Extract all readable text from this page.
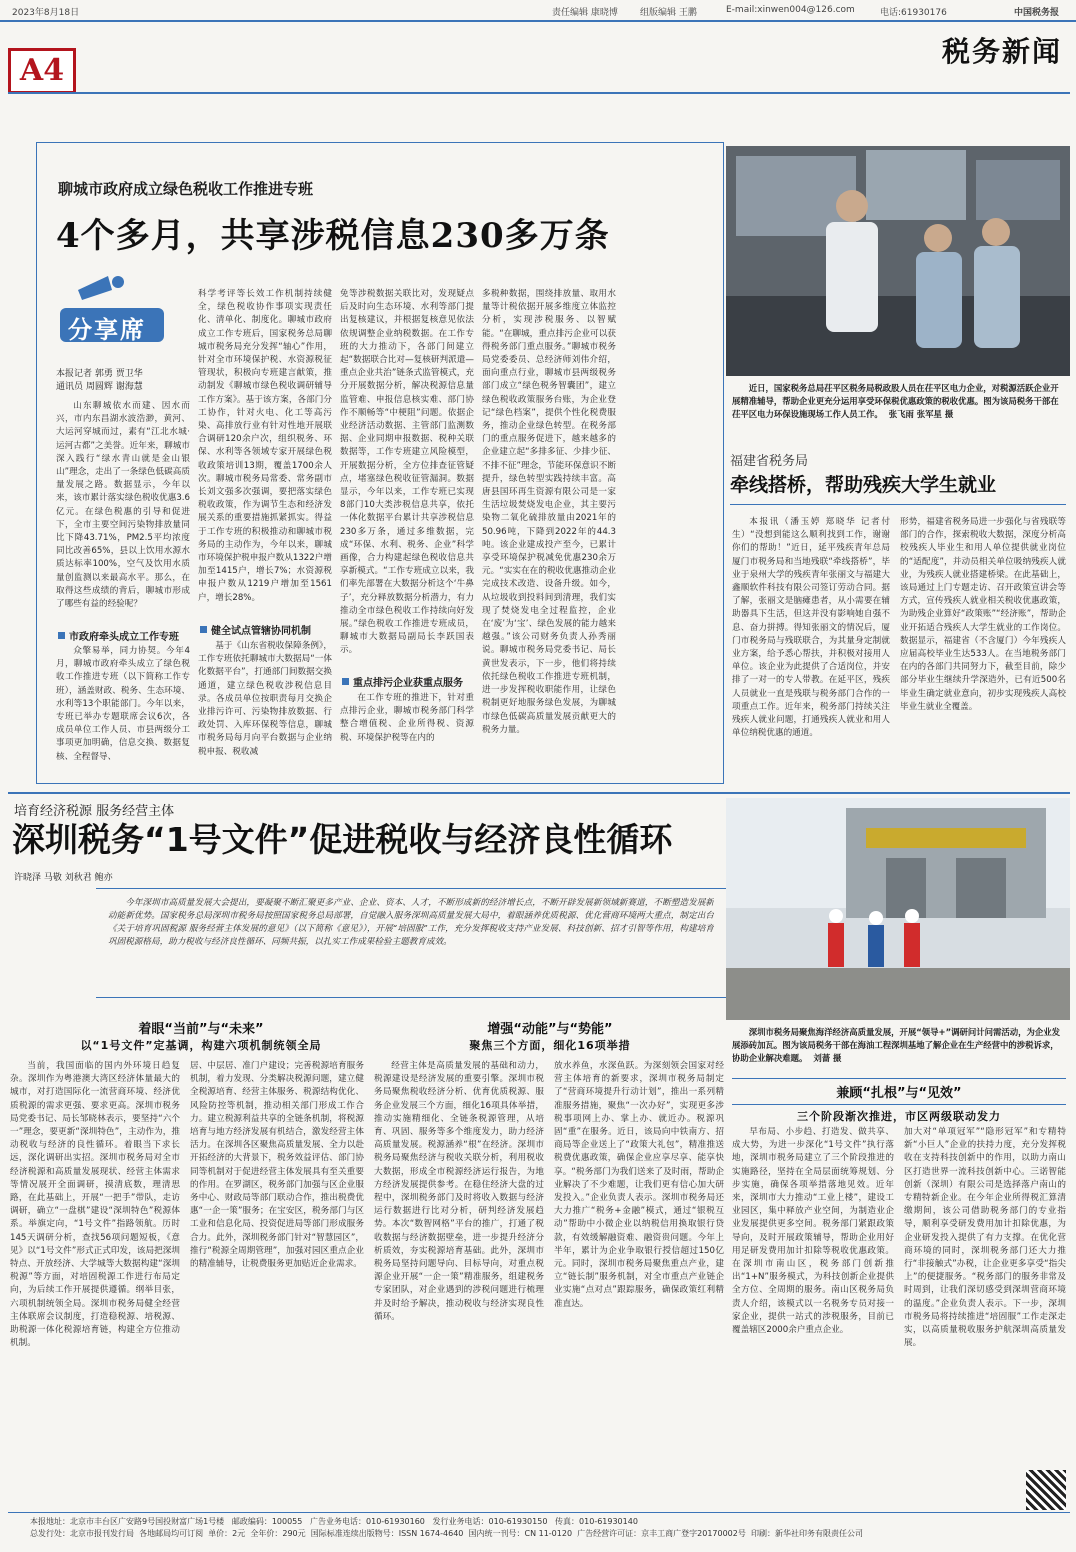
2023年8月18日	责任编辑 康晓博 组版编辑 王鹏	E-mail:xinwen004@126.com	电话:61930176	中国税务报
A4
税务新闻
聊城市政府成立绿色税收工作推进专班
4个多月，共享涉税信息230多万条
分享席
本报记者 郭勇 贾卫华
通讯员 周圆辉 谢海慧
山东聊城依水而建、因水而兴，市内东昌湖水波浩渺，黄河、大运河穿城而过，素有“江北水城·运河古都”之美誉。近年来，聊城市深入践行“绿水青山就是金山银山”理念，走出了一条绿色低碳高质量发展之路。数据显示，今年以来，该市累计落实绿色税收优惠3.6亿元。在绿色税惠的引导和促进下，全市主要空间污染物排放量同比下降43.71%，PM2.5平均浓度同比改善65%，县以上饮用水源水质达标率100%，空气及饮用水质量创监测以来最高水平。那么，在取得这些成绩的背后，聊城市形成了哪些有益的经验呢？
市政府牵头成立工作专班
众擎易举，同力协契。今年4月，聊城市政府牵头成立了绿色税收工作推进专班（以下简称工作专班），涵盖财政、税务、生态环境、水利等13个职能部门。今年以来，专班已举办专题联席会议6次，各成员单位工作人员、市县两级分工事项更加明确，信息交换、数据复核、全程督导、
科学考评等长效工作机制持续健全，绿色税收协作事项实现责任化、清单化、制度化。聊城市政府成立工作专班后，国家税务总局聊城市税务局充分发挥“轴心”作用，针对全市环境保护税、水资源税征管现状，积极向专班建言献策，推动制发《聊城市绿色税收调研辅导工作方案》。基于该方案，各部门分工协作，针对火电、化工等高污染、高排放行业有针对性地开展联合调研120余户次，组织税务、环保、水利等各领域专家开展绿色税收政策培训13期，覆盖1700余人次。聊城市税务局常委、常务副市长刘文强多次强调，要把落实绿色税收政策，作为调节生态和经济发展关系的重要措施抓紧抓实。得益于工作专班的积极推动和聊城市税务局的主动作为，今年以来，聊城市环境保护税申报户数从1322户增加至1415户，增长7%；水资源税申报户数从1219户增加至1561户，增长28%。
健全试点管辖协同机制
基于《山东省税收保障条例》，工作专班依托聊城市大数据局“一体化数据平台”，打通部门间数据交换通道，建立绿色税收涉税信息目录。各成员单位按职责每月交换企业排污许可、污染物排放数据、行政处罚、入库环保税等信息，聊城市税务局每月向平台数据与企业纳税申报、税收减
免等涉税数据关联比对，发现疑点后及时向生态环境、水利等部门提出复核建议，并根据复核意见依法依规调整企业纳税数据。在工作专班的大力推动下，各部门间建立起“数据联合比对—复核研判派遣—重点企业共治”链条式监管模式，充分开展数据分析，解决税源信息量监管难、申报信息核实难、部门协作不顺畅等“中梗阻”问题。依据企业经济活动数据、主管部门监测数据、企业同期申报数据、税种关联数据等，工作专班建立风险模型，开展数据分析，全方位排查征管疑点，堵塞绿色税收征管漏洞。数据显示，今年以来，工作专班已实现8部门10大类涉税信息共享，依托一体化数据平台累计共享涉税信息230多万条，通过多维数据，完成“环保、水利、税务、企业”科学画像，合力构建起绿色税收信息共享新模式。“工作专班成立以来，我们率先部署在大数据分析这个‘牛鼻子’，充分释放数据分析潜力，有力推动全市绿色税收工作持续向好发展。”绿色税收工作推进专班成员，聊城市大数据局副局长李跃国表示。
重点排污企业获重点服务
在工作专班的推进下，针对重点排污企业，聊城市税务部门科学整合增值税、企业所得税、资源税、环境保护税等在内的
多税种数据，围绕排放量、取用水量等计税依据开展多维度立体监控分析，实现涉税服务、以智赋能。“在聊城，重点排污企业可以获得税务部门重点服务。”聊城市税务局党委委员、总经济师刘伟介绍，面向重点行业，聊城市县两级税务部门成立“绿色税务智囊团”，建立绿色税收政策服务台账，为企业登记“绿色档案”，提供个性化税费服务，推动企业绿色转型。在税务部门的重点服务促进下，越来越多的企业建立起“多排多征、少排少征、不排不征”理念，节能环保意识不断提升，绿色转型实践持续丰富。高唐县国环再生资源有限公司是一家生活垃圾焚烧发电企业，其主要污染物二氧化硫排放量由2021年的50.96吨，下降到2022年的44.3吨。该企业建成投产至今，已累计享受环境保护税减免优惠230余万元。“实实在在的税收优惠推动企业完成技术改造、设备升级。如今，从垃圾收到投料间到清理，我们实现了焚烧发电全过程监控，企业在‘废’为‘宝’、绿色发展的能力越来越强。”该公司财务负责人孙秀丽说。聊城市税务局党委书记、局长黄世发表示，下一步，他们将持续依托绿色税收工作推进专班机制，进一步发挥税收职能作用，让绿色税制更好地服务绿色发展，为聊城市绿色低碳高质量发展贡献更大的税务力量。
近日，国家税务总局茌平区税务局税政股人员在茌平区电力企业，对税源活跃企业开展精准辅导，帮助企业更充分运用享受环保税优惠政策的税收优惠。图为该局税务干部在茌平区电力环保设施现场工作人员工作。 张飞雨 张军星 摄
福建省税务局
牵线搭桥，帮助残疾大学生就业
本报讯（潘玉婷 郑晓华 记者付生）“没想到能这么顺利找到工作，谢谢你们的帮助！”近日，延平残疾青年总局厦门市税务局和当地残联“牵线搭桥”，毕业于泉州大学的残疾青年张丽文与福建大鑫顺软件科技有限公司签订劳动合同。据了解，张丽文是脑瘫患者，从小需要在辅助器具下生活，但这并没有影响她自强不息、奋力拼搏。得知张丽文的情况后，厦门市税务局与残联联合，为其量身定制就业方案，给予悉心帮扶，并积极对接用人单位。该企业为此提供了合适岗位，并安排了一对一的专人带教。在延平区，残疾人员就业一直是残联与税务部门合作的一项重点工作。近年来，税务部门持续关注残疾人就业问题，打通残疾人就业和用人单位纳税优惠的通道。
形势，福建省税务局进一步强化与省残联等部门的合作，探索税收大数据，深度分析高校残疾人毕业生和用人单位提供就业岗位的“适配度”，并动员相关单位吸纳残疾人就业，为残疾人就业搭建桥梁。在此基础上，该局通过上门专题走访、召开政策宣讲会等方式，宣传残疾人就业相关税收优惠政策，为助残企业算好“政策账”“经济账”，帮助企业开拓适合残疾人大学生就业的工作岗位。数据显示，福建省（不含厦门）今年残疾人应届高校毕业生达533人。在当地税务部门在内的各部门共同努力下，截至目前，除少部分毕业生继续升学深造外，已有近500名毕业生确定就业意向，初步实现残疾人高校毕业生就业全覆盖。
培育经济税源 服务经营主体
深圳税务“1号文件”促进税收与经济良性循环
许晓泽 马敬 刘秋君 鲍亦

今年深圳市高质量发展大会提出，要凝聚不断汇聚更多产业、企业、资本、人才，不断形成新的经济增长点，不断开辟发展新领域新赛道，不断塑造发展新动能新优势。国家税务总局深圳市税务局按照国家税务总局部署，自觉融入服务深圳高质量发展大局中，着眼涵养优质税源、优化营商环境两大重点，制定出台《关于培育巩固税源 服务经营主体发展的意见》（以下简称《意见》），开展“培固服”工作，充分发挥税收支持产业发展、科技创新、招才引智等作用，构建培育巩固税源格局，助力税收与经济良性循环、同频共振，以扎实工作成果检验主题教育成效。

深圳市税务局聚焦海洋经济高质量发展，开展“领导+”调研问计问需活动，为企业发展添砖加瓦。图为该局税务干部在海油工程深圳基地了解企业在生产经营中的涉税诉求，协助企业解决难题。 刘蔷 摄
着眼“当前”与“未来”
以“1号文件”定基调，构建六项机制统领全局
增强“动能”与“势能”
聚焦三个方面，细化16项举措
当前，我国面临的国内外环境日趋复杂。深圳作为粤港澳大湾区经济体量最大的城市，对打造国际化一流营商环境、经济优质税源的需求更强、要求更高。深圳市税务局党委书记、局长邹晓林表示，要坚持“六个一”理念，要更新“深圳特色”，主动作为，推动税收与经济的良性循环。着眼当下求长远，深化调研出实招。深圳市税务局对全市经济税源和高质量发展现状、经营主体需求等情况展开全面调研，摸清底数，理清思路，在此基础上，开展“一把手”带队，走访调研，确立“一盘棋”建设“深圳特色”税源体系。举旗定向，“1号文件”指路领航。历时145天调研分析，查找56项问题短板，《意见》以“1号文件”形式正式印发，该局把深圳特点、开放经济、大学城等大数据构建“深圳税源”等方面，对培固税源工作进行布局定向，为后续工作开展提供遵循。纲举目张，六项机制统领全局。深圳市税务局健全经营主体联席会议制度，打造稳税源、培税源、助税源一体化税源培育链，构建全方位推动机制。
居、中层居、准门户建设；完善税源培育服务机制，着力发现、分类解决税源问题，建立健全税源培育、经营主体服务、税源结构优化、风险防控等机制，推动相关部门形成工作合力。建立税源利益共享的全链条机制，将税源培育与地方经济发展有机结合，激发经营主体活力。在深圳各区聚焦高质量发展、全力以赴开拓经济的大背景下，税务效益评估、部门协同等机制对于促进经营主体发展具有至关重要的作用。在罗湖区，税务部门加强与区企业服务中心、财政局等部门联动合作，推出税费优惠“一企一策”服务；在宝安区，税务部门与区工业和信息化局、投资促进局等部门形成服务合力。此外，深圳税务部门针对“智慧园区”，推行“税源全周期管理”，加强对园区重点企业的精准辅导，让税费服务更加贴近企业需求。
经营主体是高质量发展的基础和动力，税源建设是经济发展的重要引擎。深圳市税务局聚焦税收经济分析、优育优质税源、服务企业发展三个方面，细化16项具体举措，推动实施精细化、全链条税源管理，从培育、巩固、服务等多个维度发力，助力经济高质量发展。税源涵养“根”在经济。深圳市税务局聚焦经济与税收关联分析，利用税收大数据，形成全市税源经济运行报告，为地方经济发展提供参考。在稳住经济大盘的过程中，深圳税务部门及时将收入数据与经济运行数据进行比对分析，研判经济发展趋势。本次“数智网格”平台的推广，打通了税收数据与经济数据壁垒，进一步提升经济分析质效，夯实税源培育基础。此外，深圳市税务局坚持问题导向、目标导向，对重点税源企业开展“一企一策”精准服务，组建税务专家团队，对企业遇到的涉税问题进行梳理并及时给予解决，推动税收与经济实现良性循环。
放水养鱼，水深鱼跃。为深刻领会国家对经营主体培育的新要求，深圳市税务局制定了“营商环境提升行动计划”，推出一系列精准服务措施，聚焦“一次办好”，实现更多涉税事项网上办、掌上办、就近办。税源巩固“重”在服务。近日，该局向中铁南方、招商局等企业送上了“政策大礼包”，精准推送税费优惠政策，确保企业应享尽享、能享快享。“税务部门为我们送来了及时雨，帮助企业解决了不少难题，让我们更有信心加大研发投入。”企业负责人表示。深圳市税务局还大力推广“税务+金融”模式，通过“银税互动”帮助中小微企业以纳税信用换取银行贷款，有效缓解融资难、融资贵问题。今年上半年，累计为企业争取银行授信超过150亿元。同时，深圳市税务局聚焦重点产业，建立“链长制”服务机制，对全市重点产业链企业实施“点对点”跟踪服务，确保政策红利精准直达。
兼顾“扎根”与“见效”
三个阶段渐次推进，市区两级联动发力
早布局、小步趋、打造发、做共享、成大势，为进一步深化“1号文件”执行落地，深圳市税务局建立了三个阶段推进的实施路径，坚持在全局层面统筹规划、分步实施，确保各项举措落地见效。近年来，深圳市大力推动“工业上楼”，建设工业园区，集中释放产业空间，为制造业企业发展提供更多空间。税务部门紧跟政策导向，及时开展政策辅导，帮助企业用好用足研发费用加计扣除等税收优惠政策。在深圳市南山区，税务部门创新推出“1+N”服务模式，为科技创新企业提供全方位、全周期的服务。南山区税务局负责人介绍，该模式以一名税务专员对接一家企业，提供一站式的涉税服务，目前已覆盖辖区2000余户重点企业。
加大对“单项冠军”“隐形冠军”和专精特新“小巨人”企业的扶持力度，充分发挥税收在支持科技创新中的作用，以助力南山区打造世界一流科技创新中心。三诺智能创新（深圳）有限公司是选择落户南山的专精特新企业。在今年企业所得税汇算清缴期间，该公司借助税务部门的专业指导，顺利享受研发费用加计扣除优惠，为企业研发投入提供了有力支撑。在优化营商环境的同时，深圳税务部门还大力推行“非接触式”办税，让企业更多享受“指尖上”的便捷服务。“税务部门的服务非常及时周到，让我们深切感受到深圳营商环境的温度。”企业负责人表示。下一步，深圳市税务局将持续推进“培固服”工作走深走实，以高质量税收服务护航深圳高质量发展。
本报地址：北京市丰台区广安路9号国投财富广场1号楼 邮政编码：100055 广告业务电话：010-61930160 发行业务电话：010-61930150 传真：010-61930140
总发行处：北京市报刊发行局 各地邮局均可订阅 单价：2元 全年价：290元 国际标准连续出版物号：ISSN 1674-4640 国内统一刊号：CN 11-0120 广告经营许可证：京丰工商广登字20170002号 印刷：新华社印务有限责任公司
